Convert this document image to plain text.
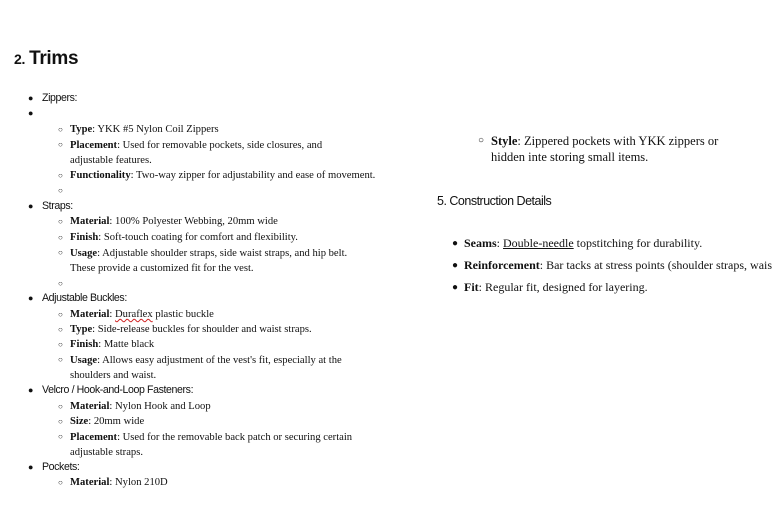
2. Trims
● Zippers:
●
○ Type: YKK #5 Nylon Coil Zippers
○ Placement: Used for removable pockets, side closures, and adjustable features.
○ Functionality: Two-way zipper for adjustability and ease of movement.
○
● Straps:
○ Material: 100% Polyester Webbing, 20mm wide
○ Finish: Soft-touch coating for comfort and flexibility.
○ Usage: Adjustable shoulder straps, side waist straps, and hip belt. These provide a customized fit for the vest.
○
● Adjustable Buckles:
○ Material: Duraflex plastic buckle
○ Type: Side-release buckles for shoulder and waist straps.
○ Finish: Matte black
○ Usage: Allows easy adjustment of the vest's fit, especially at the shoulders and waist.
● Velcro / Hook-and-Loop Fasteners:
○ Material: Nylon Hook and Loop
○ Size: 20mm wide
○ Placement: Used for the removable back patch or securing certain adjustable straps.
● Pockets:
○ Material: Nylon 210D
○ Style: Zippered pockets with YKK zippers or hidden inte storing small items.
5. Construction Details
● Seams: Double-needle topstitching for durability.
● Reinforcement: Bar tacks at stress points (shoulder straps, wais
● Fit: Regular fit, designed for layering.
